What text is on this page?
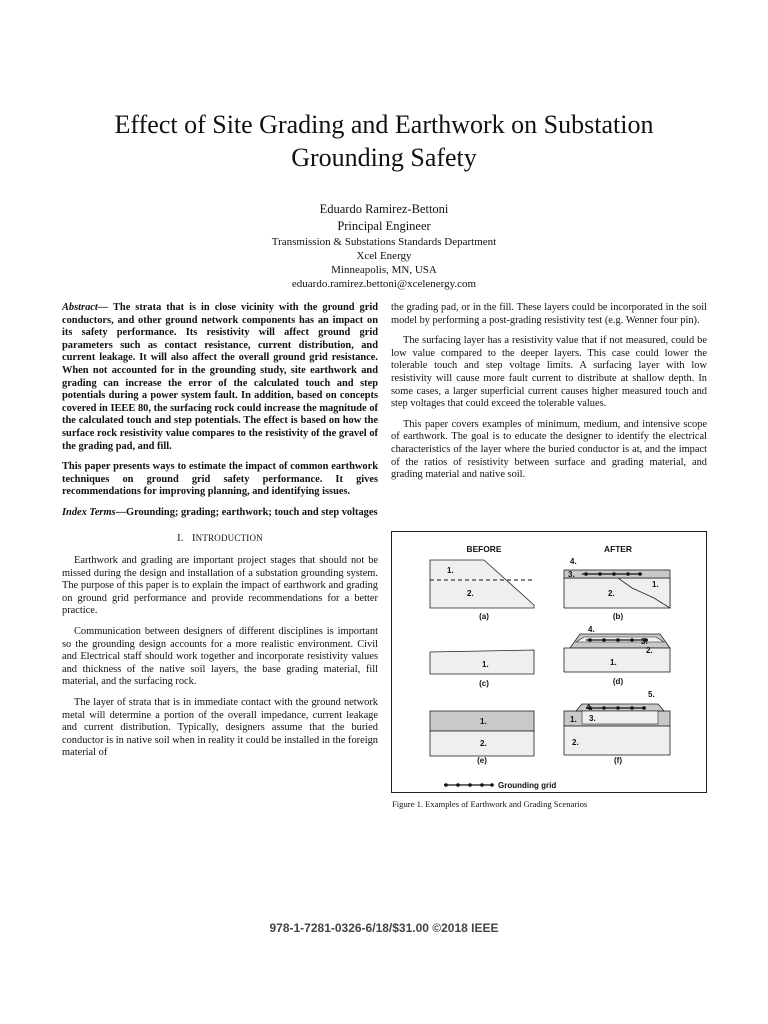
Effect of Site Grading and Earthwork on Substation
Grounding Safety
Eduardo Ramirez-Bettoni
Principal Engineer
Transmission & Substations Standards Department
Xcel Energy
Minneapolis, MN, USA
eduardo.ramirez.bettoni@xcelenergy.com

Abstract— The strata that is in close vicinity with the ground grid conductors, and other ground network components has an impact on its safety performance. Its resistivity will affect ground grid parameters such as contact resistance, current distribution, and current leakage. It will also affect the overall ground grid resistance. When not accounted for in the grounding study, site earthwork and grading can increase the error of the calculated touch and step potentials during a power system fault. In addition, based on concepts covered in IEEE 80, the surfacing rock could increase the magnitude of the calculated touch and step potentials. The effect is based on how the surface rock resistivity value compares to the resistivity of the gravel of the grading pad, and fill.

This paper presents ways to estimate the impact of common earthwork techniques on ground grid safety performance. It gives recommendations for improving planning, and identifying issues.

Index Terms—Grounding; grading; earthwork; touch and step voltages

I. INTRODUCTION

Earthwork and grading are important project stages that should not be missed during the design and installation of a substation grounding system. The purpose of this paper is to explain the impact of earthwork and grading on ground grid performance and provide recommendations for a better practice.

Communication between designers of different disciplines is important so the grounding design accounts for a more realistic environment. Civil and Electrical staff should work together and incorporate resistivity values and thickness of the native soil layers, the base grading material, fill material, and the surfacing rock.

The layer of strata that is in immediate contact with the ground network metal will determine a portion of the overall impedance, current leakage and current distribution. Typically, designers assume that the buried conductor is in native soil when in reality it could be installed in the foreign material of

the grading pad, or in the fill. These layers could be incorporated in the soil model by performing a post-grading resistivity test (e.g. Wenner four pin).

The surfacing layer has a resistivity value that if not measured, could be low value compared to the deeper layers. This case could lower the tolerable touch and step voltage limits. A surfacing layer with low resistivity will cause more fault current to distribute at shallow depth. In some cases, a larger superficial current causes higher measured touch and step voltages that could exceed the tolerable values.

This paper covers examples of minimum, medium, and intensive scope of earthwork. The goal is to educate the designer to identify the electrical characteristics of the layer where the buried conductor is at, and the impact of the ratios of resistivity between surface and grading material, and grading material and native soil.

BEFORE	AFTER
1.
2.
(a)
4.
3.
1.
2.
(b)
1.
(c)
4.
3.
2.
1.
(d)
1.
2.
(e)
5.
4.
1. 3.
2.
(f)
Grounding grid
Figure 1. Examples of Earthwork and Grading Scenarios
978-1-7281-0326-6/18/$31.00 ©2018 IEEE
